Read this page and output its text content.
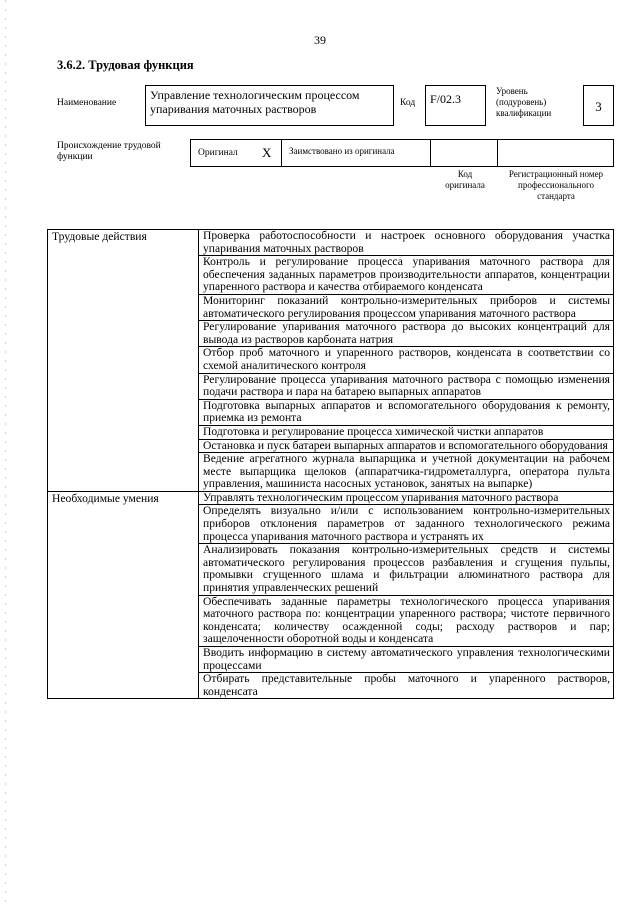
39
3.6.2. Трудовая функция
Наименование
Управление технологическим процессом упаривания маточных растворов	Код	F/02.3
Уровень (подуровень) квалификации	3
Происхождение трудовой функции	Оригинал X	Заимствовано из оригинала
Код оригинала
Регистрационный номер профессионального стандарта
Трудовые действия	Проверка работоспособности и настроек основного оборудования участка упаривания маточных растворов
	Контроль и регулирование процесса упаривания маточного раствора для обеспечения заданных параметров производительности аппаратов, концентрации упаренного раствора и качества отбираемого конденсата
	Мониторинг показаний контрольно-измерительных приборов и системы автоматического регулирования процессом упаривания маточного раствора
	Регулирование упаривания маточного раствора до высоких концентраций для вывода из растворов карбоната натрия
	Отбор проб маточного и упаренного растворов, конденсата в соответствии со схемой аналитического контроля
	Регулирование процесса упаривания маточного раствора с помощью изменения подачи раствора и пара на батарею выпарных аппаратов
	Подготовка выпарных аппаратов и вспомогательного оборудования к ремонту, приемка из ремонта
	Подготовка и регулирование процесса химической чистки аппаратов
	Остановка и пуск батареи выпарных аппаратов и вспомогательного оборудования
	Ведение агрегатного журнала выпарщика и учетной документации на рабочем месте выпарщика щелоков (аппаратчика-гидрометаллурга, оператора пульта управления, машиниста насосных установок, занятых на выпарке)
Необходимые умения	Управлять технологическим процессом упаривания маточного раствора
	Определять визуально и/или с использованием контрольно-измерительных приборов отклонения параметров от заданного технологического режима процесса упаривания маточного раствора и устранять их
	Анализировать показания контрольно-измерительных средств и системы автоматического регулирования процессов разбавления и сгущения пульпы, промывки сгущенного шлама и фильтрации алюминатного раствора для принятия управленческих решений
	Обеспечивать заданные параметры технологического процесса упаривания маточного раствора по: концентрации упаренного раствора; чистоте первичного конденсата; количеству осажденной соды; расходу растворов и пар; защелоченности оборотной воды и конденсата
	Вводить информацию в систему автоматического управления технологическими процессами
	Отбирать представительные пробы маточного и упаренного растворов, конденсата
